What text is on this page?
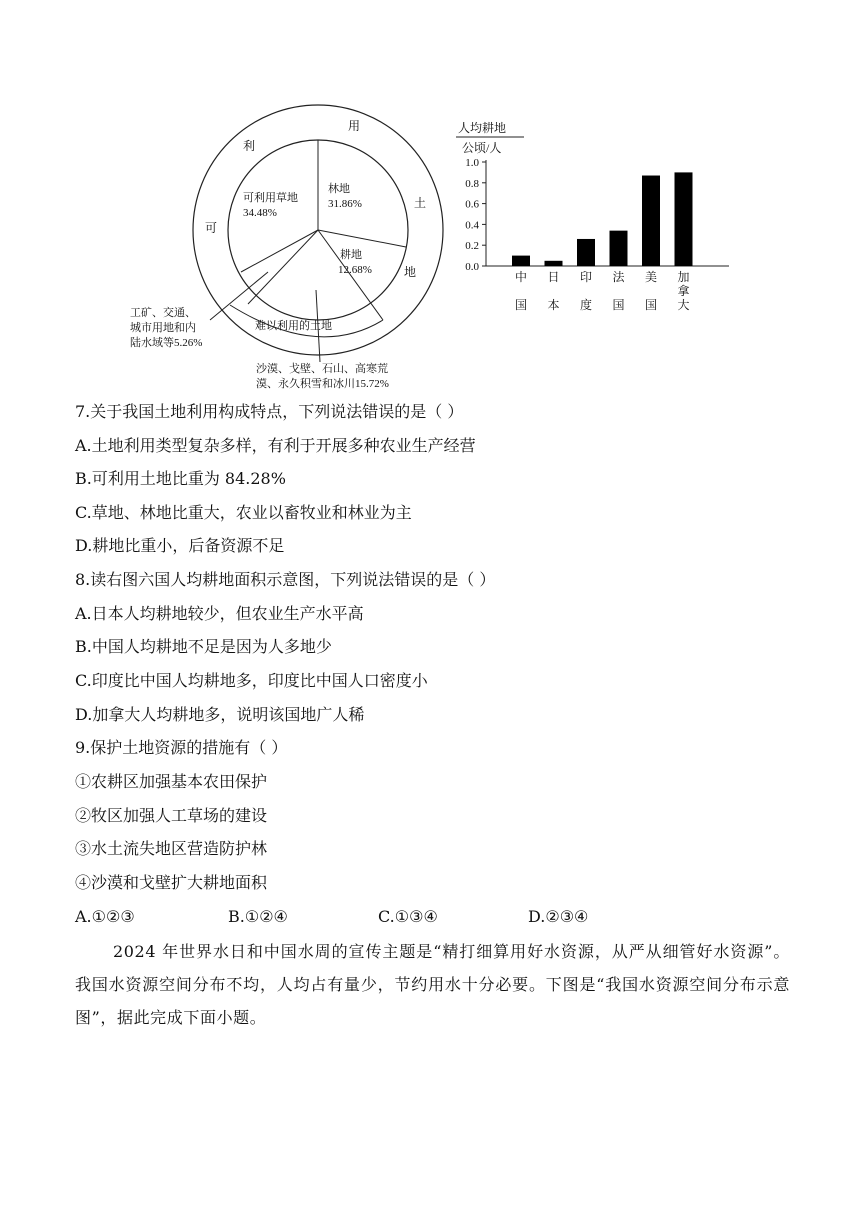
用
土
地
利
可
林地
31.86%
可利用草地
34.48%
耕地
12.68%
难以利用的土地
工矿、交通、
城市用地和内
陆水域等5.26%
沙漠、戈壁、石山、高寒荒
漠、永久积雪和冰川15.72%
人均耕地
公顷/人
0.0
0.2
0.4
0.6
0.8
1.0
中
国
日
本
印
度
法
国
美
国
加
拿
大
7.关于我国土地利用构成特点，下列说法错误的是（ ）
A.土地利用类型复杂多样，有利于开展多种农业生产经营
B.可利用土地比重为 84.28%
C.草地、林地比重大，农业以畜牧业和林业为主
D.耕地比重小，后备资源不足
8.读右图六国人均耕地面积示意图，下列说法错误的是（ ）
A.日本人均耕地较少，但农业生产水平高
B.中国人均耕地不足是因为人多地少
C.印度比中国人均耕地多，印度比中国人口密度小
D.加拿大人均耕地多，说明该国地广人稀
9.保护土地资源的措施有（ ）
①农耕区加强基本农田保护
②牧区加强人工草场的建设
③水土流失地区营造防护林
④沙漠和戈壁扩大耕地面积
A.①②③	B.①②④	C.①③④	D.②③④
2024 年世界水日和中国水周的宣传主题是“精打细算用好水资源，从严从细管好水资源”。我国水资源空间分布不均，人均占有量少，节约用水十分必要。下图是“我国水资源空间分布示意图”，据此完成下面小题。
